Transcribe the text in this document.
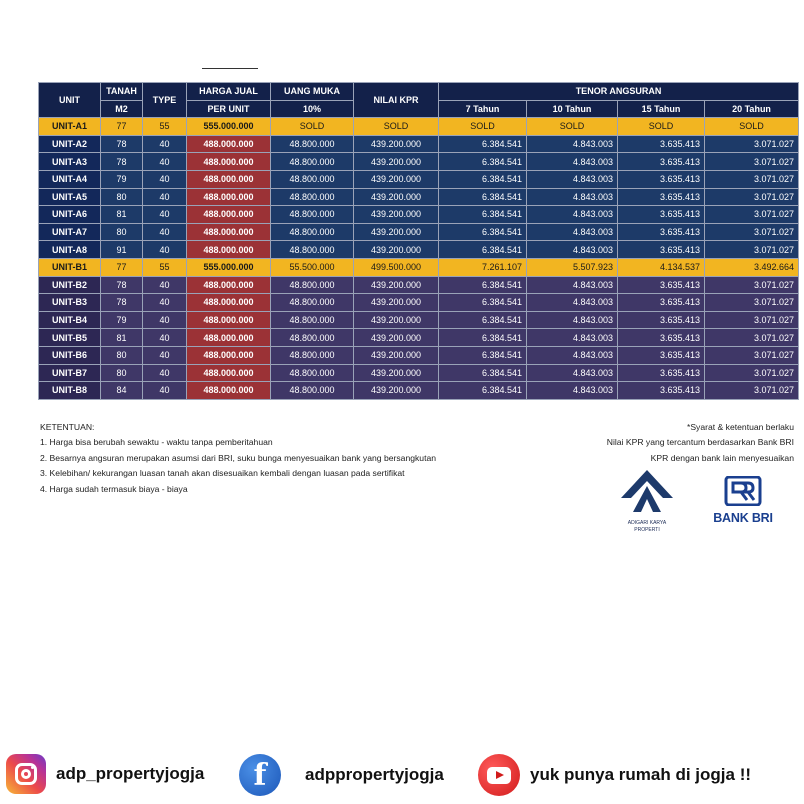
UNIT	TANAH	TYPE	HARGA JUAL	UANG MUKA	NILAI KPR	TENOR ANGSURAN			
	M2		PER UNIT	10%		7 Tahun	10 Tahun	15 Tahun	20 Tahun
UNIT-A1	77	55	555.000.000	SOLD	SOLD	SOLD	SOLD	SOLD	SOLD
UNIT-A2	78	40	488.000.000	48.800.000	439.200.000	6.384.541	4.843.003	3.635.413	3.071.027
UNIT-A3	78	40	488.000.000	48.800.000	439.200.000	6.384.541	4.843.003	3.635.413	3.071.027
UNIT-A4	79	40	488.000.000	48.800.000	439.200.000	6.384.541	4.843.003	3.635.413	3.071.027
UNIT-A5	80	40	488.000.000	48.800.000	439.200.000	6.384.541	4.843.003	3.635.413	3.071.027
UNIT-A6	81	40	488.000.000	48.800.000	439.200.000	6.384.541	4.843.003	3.635.413	3.071.027
UNIT-A7	80	40	488.000.000	48.800.000	439.200.000	6.384.541	4.843.003	3.635.413	3.071.027
UNIT-A8	91	40	488.000.000	48.800.000	439.200.000	6.384.541	4.843.003	3.635.413	3.071.027
UNIT-B1	77	55	555.000.000	55.500.000	499.500.000	7.261.107	5.507.923	4.134.537	3.492.664
UNIT-B2	78	40	488.000.000	48.800.000	439.200.000	6.384.541	4.843.003	3.635.413	3.071.027
UNIT-B3	78	40	488.000.000	48.800.000	439.200.000	6.384.541	4.843.003	3.635.413	3.071.027
UNIT-B4	79	40	488.000.000	48.800.000	439.200.000	6.384.541	4.843.003	3.635.413	3.071.027
UNIT-B5	81	40	488.000.000	48.800.000	439.200.000	6.384.541	4.843.003	3.635.413	3.071.027
UNIT-B6	80	40	488.000.000	48.800.000	439.200.000	6.384.541	4.843.003	3.635.413	3.071.027
UNIT-B7	80	40	488.000.000	48.800.000	439.200.000	6.384.541	4.843.003	3.635.413	3.071.027
UNIT-B8	84	40	488.000.000	48.800.000	439.200.000	6.384.541	4.843.003	3.635.413	3.071.027
KETENTUAN:
1. Harga bisa berubah sewaktu - waktu tanpa pemberitahuan
2. Besarnya angsuran merupakan asumsi dari BRI, suku bunga menyesuaikan bank yang bersangkutan
3. Kelebihan/ kekurangan luasan tanah akan disesuaikan kembali dengan luasan pada sertifikat
4. Harga sudah termasuk biaya - biaya
*Syarat & ketentuan berlaku
Nilai KPR yang tercantum berdasarkan Bank BRI
KPR dengan bank lain menyesuaikan
ADIGARI KARYA
PROPERTI
BANK BRI
adp_propertyjogja	f	adppropertyjogja	yuk punya rumah di jogja !!
